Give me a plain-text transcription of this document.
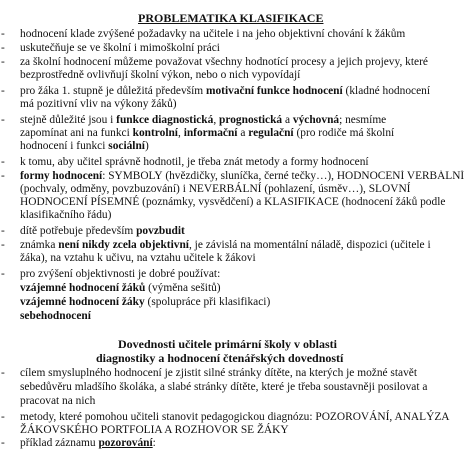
PROBLEMATIKA KLASIFIKACE
- hodnocení klade zvýšené požadavky na učitele i na jeho objektivní chování k žákům
- uskutečňuje se ve školní i mimoškolní práci
- za školní hodnocení můžeme považovat všechny hodnotící procesy a jejich projevy, které
bezprostředně ovlivňují školní výkon, nebo o nich vypovídají
- pro žáka 1. stupně je důležitá především motivační funkce hodnocení (kladné hodnocení
má pozitivní vliv na výkony žáků)
- stejně důležité jsou i funkce diagnostická, prognostická a výchovná; nesmíme
zapomínat ani na funkci kontrolní, informační a regulační (pro rodiče má školní
hodnocení i funkci sociální)
- k tomu, aby učitel správně hodnotil, je třeba znát metody a formy hodnocení
- formy hodnocení: SYMBOLY (hvězdičky, sluníčka, černé tečky…), HODNOCENÍ VERBÁLNÍ
(pochvaly, odměny, povzbuzování) i NEVERBÁLNÍ (pohlazení, úsměv…), SLOVNÍ
HODNOCENÍ PÍSEMNÉ (poznámky, vysvědčení) a KLASIFIKACE (hodnocení žáků podle
klasifikačního řádu)
- dítě potřebuje především povzbudit
- známka není nikdy zcela objektivní, je závislá na momentální náladě, dispozici (učitele i
žáka), na vztahu k učivu, na vztahu učitele k žákovi
- pro zvýšení objektivnosti je dobré používat:
vzájemné hodnocení žáků (výměna sešitů)
vzájemné hodnocení žáky (spolupráce při klasifikaci)
sebehodnocení
Dovednosti učitele primární školy v oblasti
diagnostiky a hodnocení čtenářských dovedností
- cílem smysluplného hodnocení je zjistit silné stránky dítěte, na kterých je možné stavět
sebedůvěru mladšího školáka, a slabé stránky dítěte, které je třeba soustavněji posilovat a
pracovat na nich
- metody, které pomohou učiteli stanovit pedagogickou diagnózu: POZOROVÁNÍ, ANALÝZA
ŽÁKOVSKÉHO PORTFOLIA A ROZHOVOR SE ŽÁKY
- příklad záznamu pozorování:
